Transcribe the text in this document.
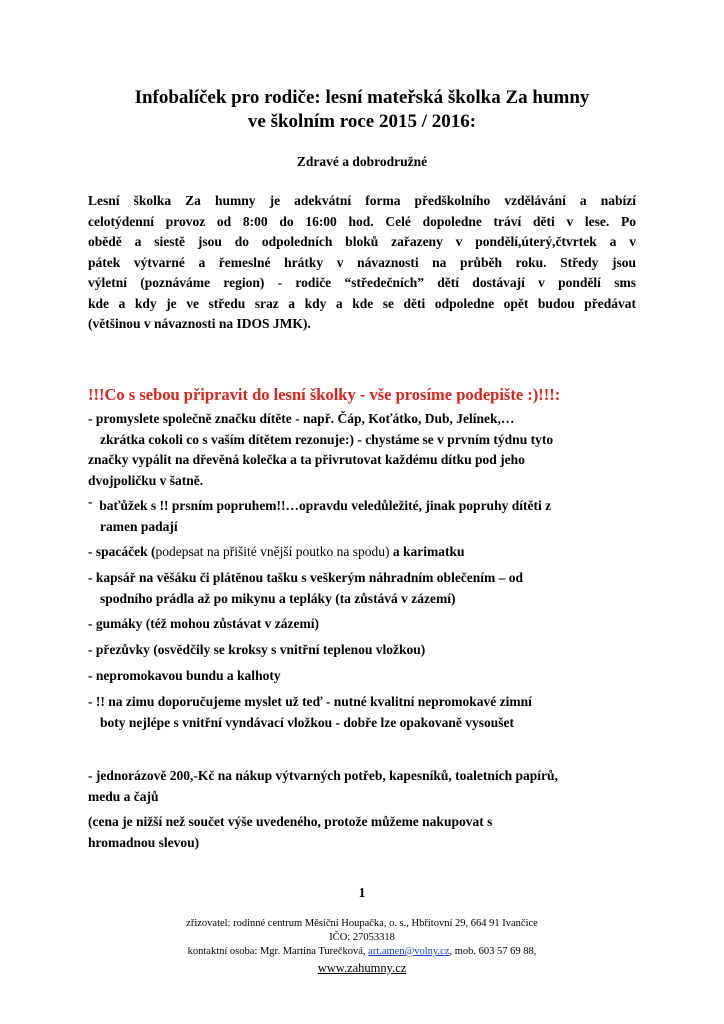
Infobalíček pro rodiče: lesní mateřská školka Za humny
ve školním roce 2015 / 2016:
Zdravé a dobrodružné
Lesní školka Za humny je adekvátní forma předškolního vzdělávání a nabízí
celotýdenní provoz od 8:00 do 16:00 hod. Celé dopoledne tráví děti v lese. Po
obědě a siestě jsou do odpoledních bloků zařazeny v pondělí,úterý,čtvrtek a v
pátek výtvarné a řemeslné hrátky v návaznosti na průběh roku. Středy jsou
výletní (poznáváme region) - rodiče “středečních” dětí dostávají v pondělí sms
kde a kdy je ve středu sraz a kdy a kde se děti odpoledne opět budou předávat
(většinou v návaznosti na IDOS JMK).
!!!Co s sebou připravit do lesní školky - vše prosíme podepište :)!!!:
- promyslete společně značku dítěte - např. Čáp, Koťátko, Dub, Jelínek,…
zkrátka cokoli co s vaším dítětem rezonuje:) - chystáme se v prvním týdnu tyto
značky vypálit na dřevěná kolečka a ta přivrutovat každému dítku pod jeho
dvojpoličku v šatně.
- baťůžek s !! prsním popruhem!!…opravdu veledůležité, jinak popruhy dítěti z
ramen padají
- spacáček (podepsat na přišité vnější poutko na spodu) a karimatku
- kapsář na věšáku či plátěnou tašku s veškerým náhradním oblečením – od
spodního prádla až po mikynu a tepláky (ta zůstává v zázemí)
- gumáky (též mohou zůstávat v zázemí)
- přezůvky (osvědčily se kroksy s vnitřní teplenou vložkou)
- nepromokavou bundu a kalhoty
- !! na zimu doporučujeme myslet už teď - nutné kvalitní nepromokavé zimní
boty nejlépe s vnitřní vyndávací vložkou - dobře lze opakovaně vysoušet
- jednorázově 200,-Kč na nákup výtvarných potřeb, kapesníků, toaletních papírů,
medu a čajů
(cena je nižší než součet výše uvedeného, protože můžeme nakupovat s
hromadnou slevou)
1
zřizovatel: rodinné centrum Měsíční Houpačka, o. s., Hbřitovní 29, 664 91 Ivančice
IČO: 27053318
kontaktní osoba: Mgr. Martina Turečková, art.amen@volny.cz, mob. 603 57 69 88,
www.zahumny.cz
